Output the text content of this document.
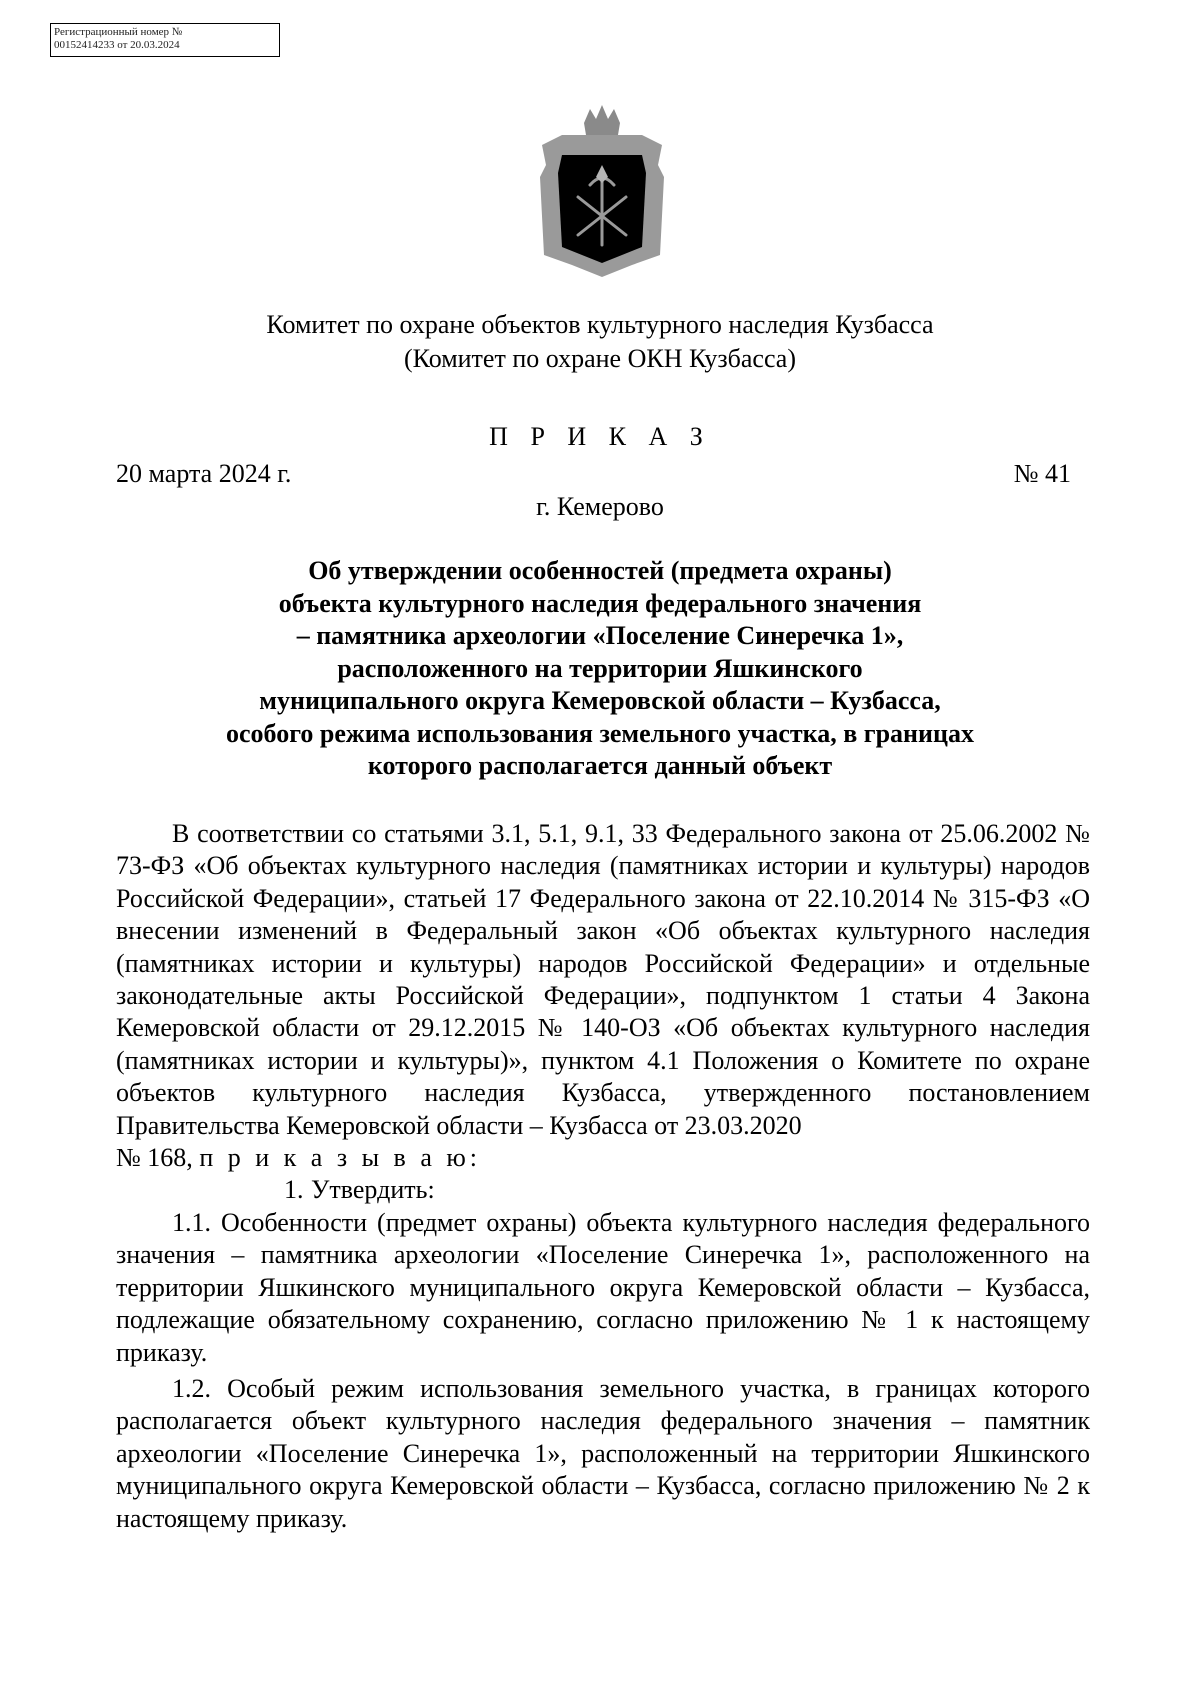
Регистрационный номер №
00152414233 от 20.03.2024
Комитет по охране объектов культурного наследия Кузбасса
(Комитет по охране ОКН Кузбасса)
П Р И К А З
20 марта 2024 г.	№ 41
г. Кемерово
Об утверждении особенностей (предмета охраны)
объекта культурного наследия федерального значения
– памятника археологии «Поселение Синеречка 1»,
расположенного на территории Яшкинского
муниципального округа Кемеровской области – Кузбасса,
особого режима использования земельного участка, в границах
которого располагается данный объект

В соответствии со статьями 3.1, 5.1, 9.1, 33 Федерального закона от 25.06.2002 № 73-ФЗ «Об объектах культурного наследия (памятниках истории и культуры) народов Российской Федерации», статьей 17 Федерального закона от 22.10.2014 № 315-ФЗ «О внесении изменений в Федеральный закон «Об объектах культурного наследия (памятниках истории и культуры) народов Российской Федерации» и отдельные законодательные акты Российской Федерации», подпунктом 1 статьи 4 Закона Кемеровской области от 29.12.2015 № 140-ОЗ «Об объектах культурного наследия (памятниках истории и культуры)», пунктом 4.1 Положения о Комитете по охране объектов культурного наследия Кузбасса, утвержденного постановлением Правительства Кемеровской области – Кузбасса от 23.03.2020

№ 168, п р и к а з ы в а ю:

1. Утвердить:

1.1. Особенности (предмет охраны) объекта культурного наследия федерального значения – памятника археологии «Поселение Синеречка 1», расположенного на территории Яшкинского муниципального округа Кемеровской области – Кузбасса, подлежащие обязательному сохранению, согласно приложению № 1 к настоящему приказу.

1.2. Особый режим использования земельного участка, в границах которого располагается объект культурного наследия федерального значения – памятник археологии «Поселение Синеречка 1», расположенный на территории Яшкинского муниципального округа Кемеровской области – Кузбасса, согласно приложению № 2 к настоящему приказу.
